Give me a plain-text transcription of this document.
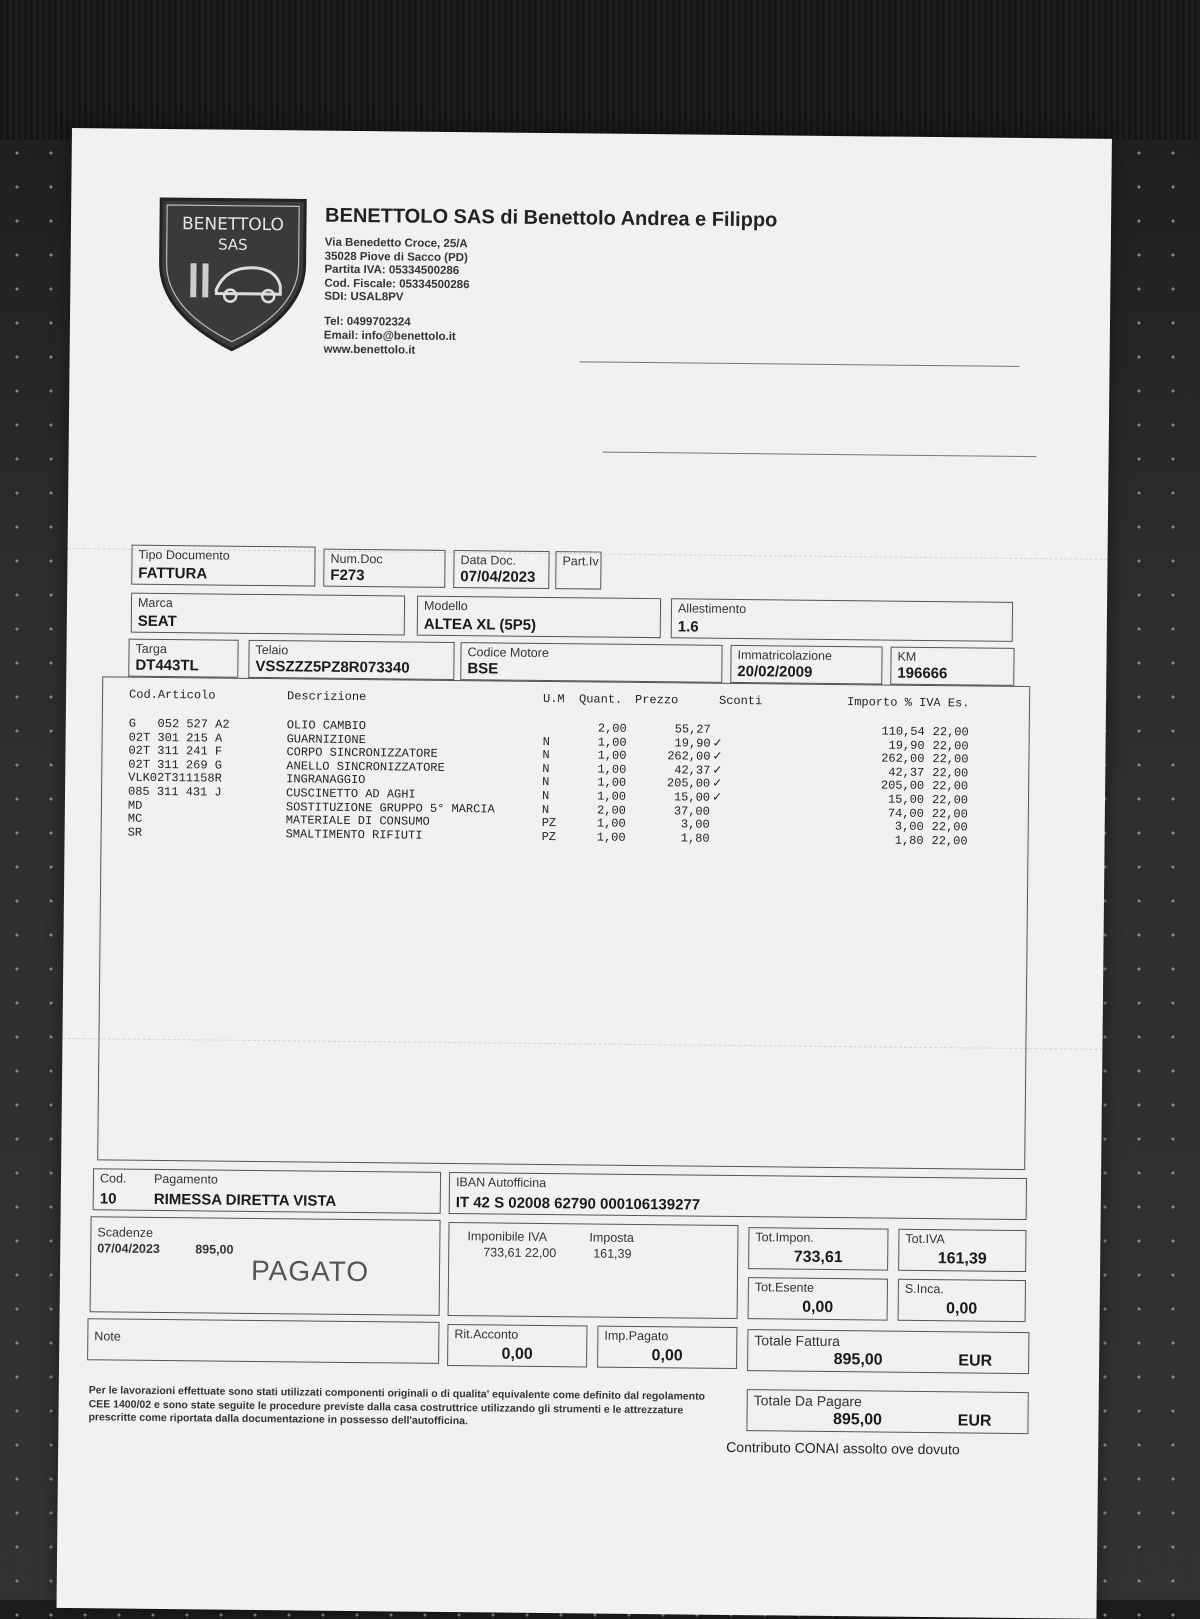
BENETTOLO
SAS
BENETTOLO SAS di Benettolo Andrea e Filippo
Via Benedetto Croce, 25/A
35028 Piove di Sacco (PD)
Partita IVA: 05334500286
Cod. Fiscale: 05334500286
SDI: USAL8PV
Tel: 0499702324
Email: info@benettolo.it
www.benettolo.it
Tipo Documento
FATTURA
Num.Doc
F273
Data Doc.
07/04/2023
Part.Iv
Marca
SEAT
Modello
ALTEA XL (5P5)
Allestimento
1.6
Targa
DT443TL
Telaio
VSSZZZ5PZ8R073340
Codice Motore
BSE
Immatricolazione
20/02/2009
KM
196666
Cod.Articolo	Descrizione	U.M Quant. Prezzo	Sconti	Importo % IVA Es.
G   052 527 A2	OLIO CAMBIO	2,00	55,27	110,54 22,00
02T 301 215 A	GUARNIZIONE	N	1,00	19,90 ✓	19,90 22,00
02T 311 241 F	CORPO SINCRONIZZATORE	N	1,00	262,00 ✓	262,00 22,00
02T 311 269 G	ANELLO SINCRONIZZATORE	N	1,00	42,37 ✓	42,37 22,00
VLK02T311158R	INGRANAGGIO	N	1,00	205,00 ✓	205,00 22,00
085 311 431 J	CUSCINETTO AD AGHI	N	1,00	15,00 ✓	15,00 22,00
MD	SOSTITUZIONE GRUPPO 5° MARCIA	N	2,00	37,00	74,00 22,00
MC	MATERIALE DI CONSUMO	PZ	1,00	3,00	3,00 22,00
SR	SMALTIMENTO RIFIUTI	PZ	1,00	1,80	1,80 22,00
Cod. Pagamento
10 RIMESSA DIRETTA VISTA
IBAN Autofficina
IT 42 S 02008 62790 000106139277
Scadenze
07/04/2023	895,00
PAGATO
Imponibile IVA	Imposta
733,61 22,00	161,39
Tot.Impon.
733,61
Tot.IVA
161,39
Tot.Esente
0,00
S.Inca.
0,00
Note	Rit.Acconto
0,00
Imp.Pagato
0,00
Totale Fattura
895,00	EUR
Per le lavorazioni effettuate sono stati utilizzati componenti originali o di qualita' equivalente come definito dal regolamento CEE 1400/02 e sono state seguite le procedure previste dalla casa costruttrice utilizzando gli strumenti e le attrezzature prescritte come riportata dalla documentazione in possesso dell'autofficina.
Totale Da Pagare
895,00	EUR
Contributo CONAI assolto ove dovuto
